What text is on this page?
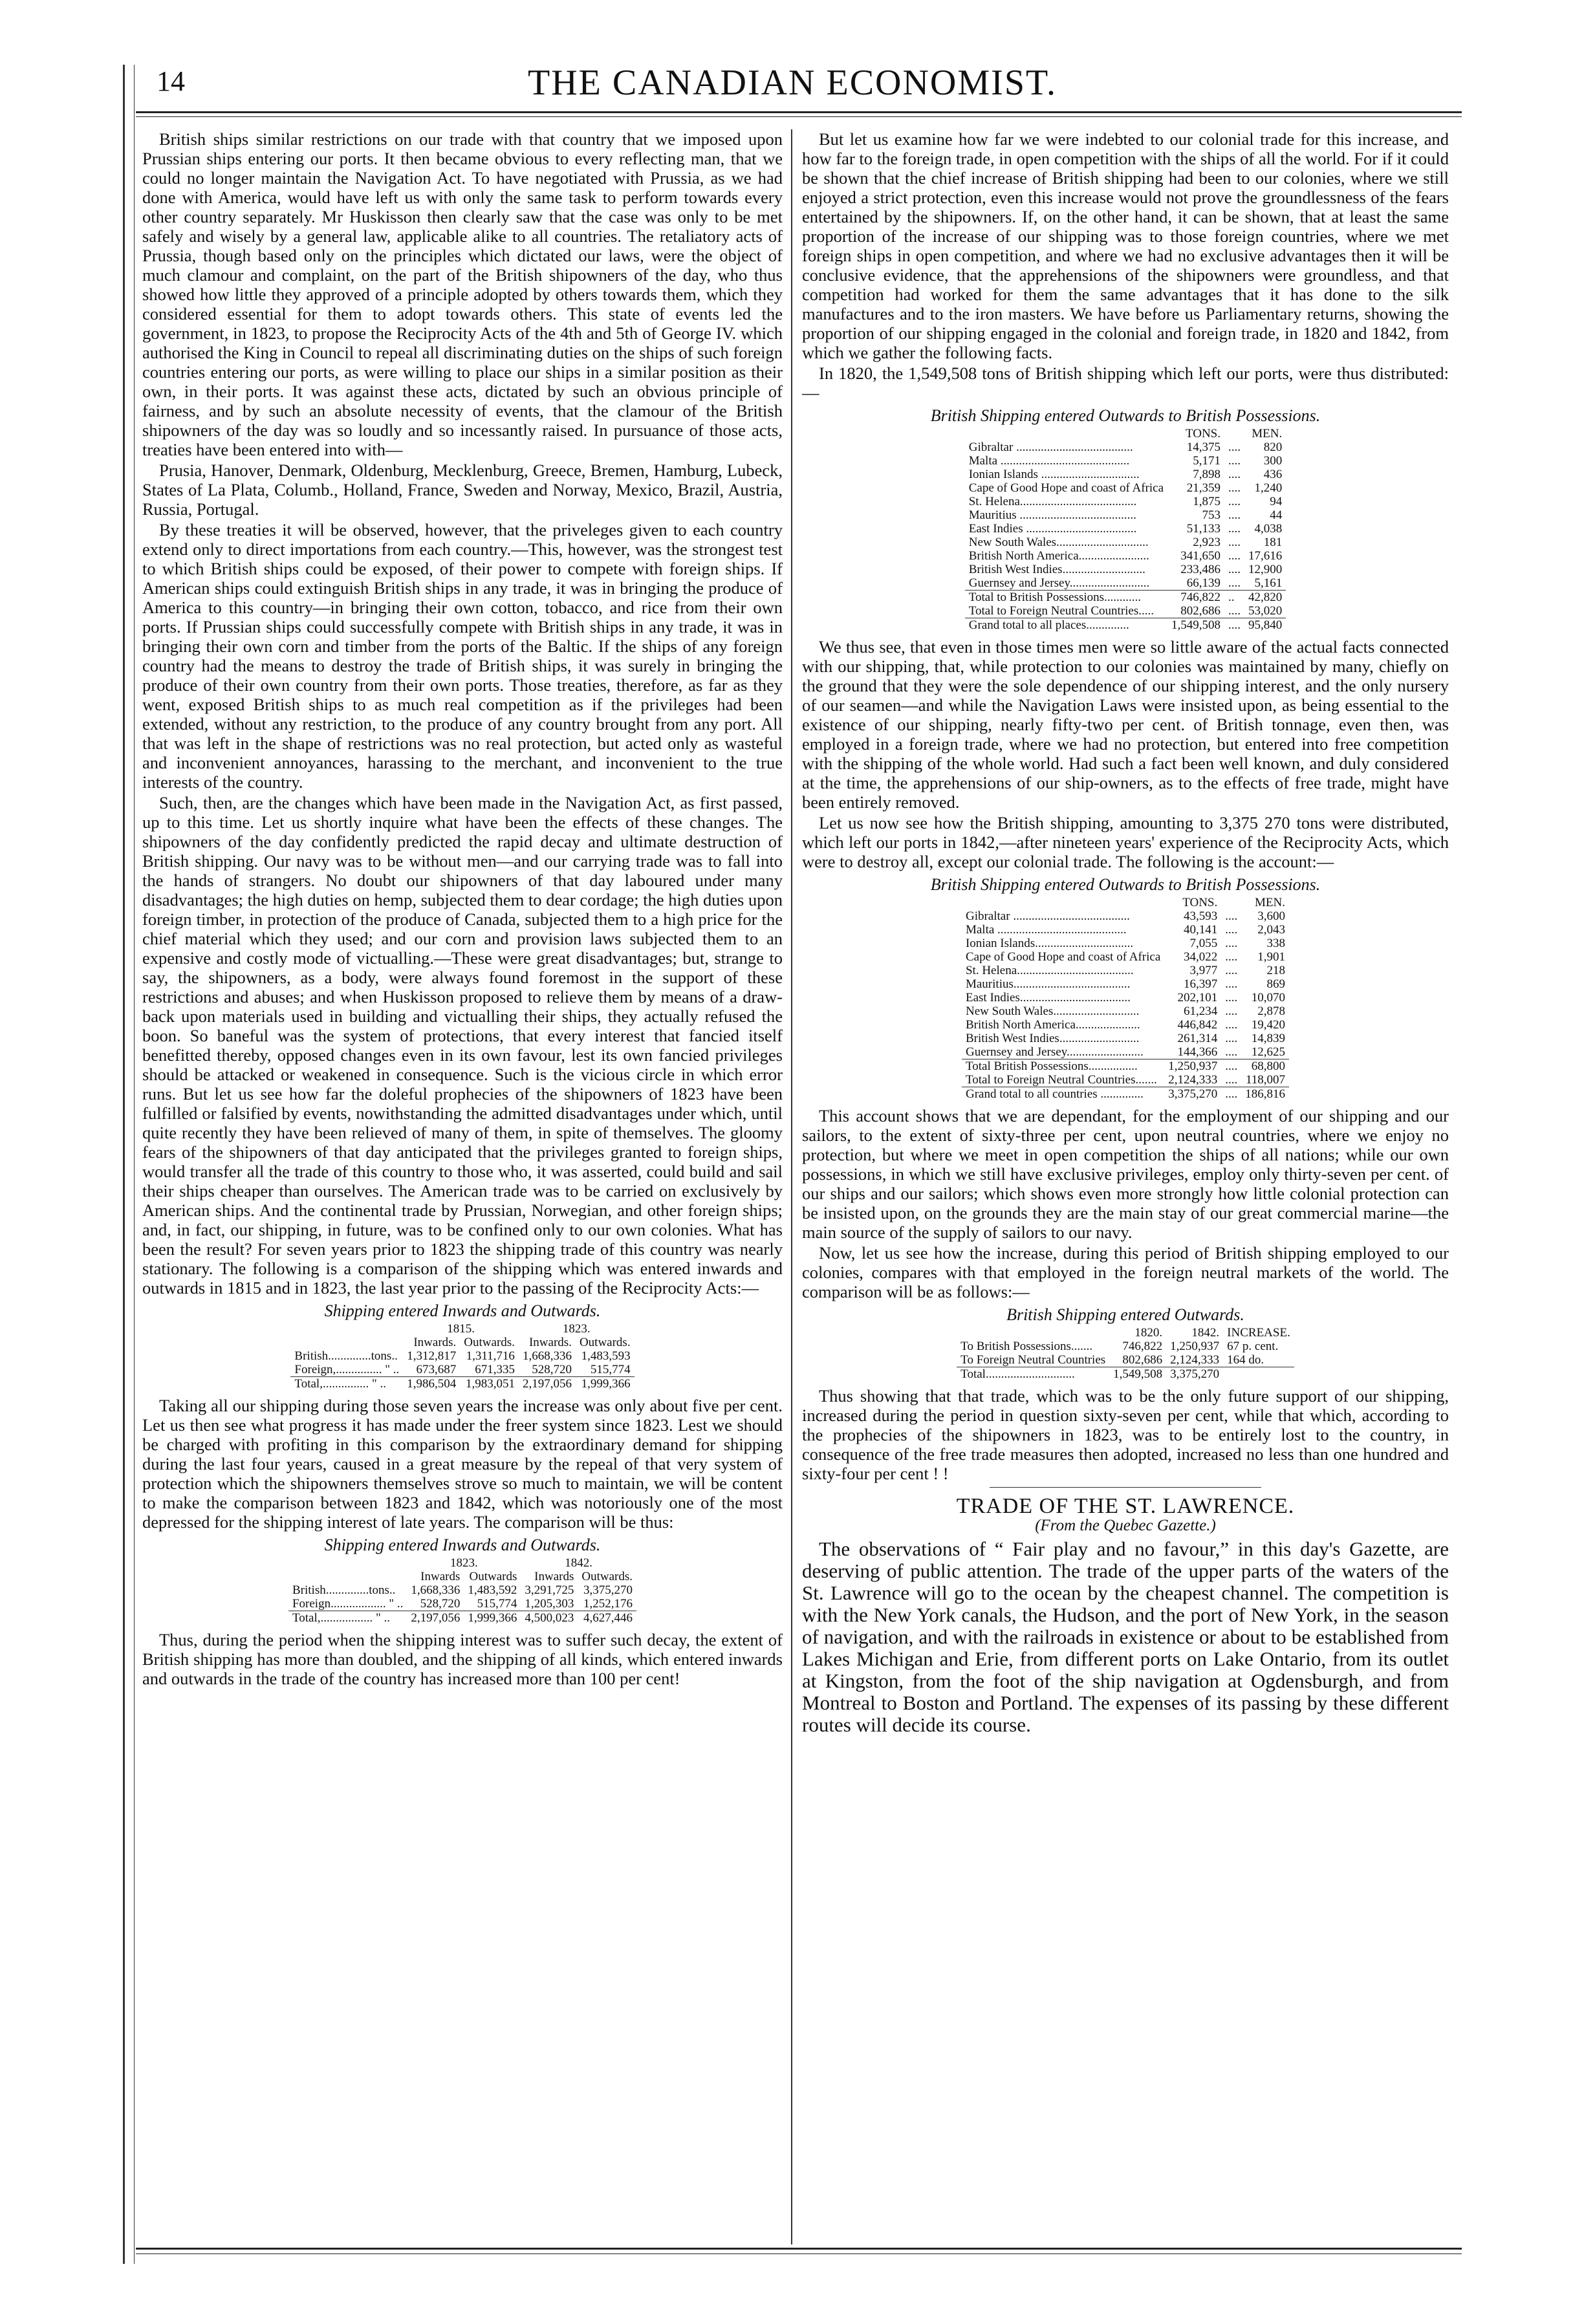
14	THE CANADIAN ECONOMIST.

British ships similar restrictions on our trade with that country that we imposed upon Prussian ships entering our ports. It then became obvious to every reflecting man, that we could no longer maintain the Navigation Act. To have negotiated with Prussia, as we had done with America, would have left us with only the same task to perform towards every other country separately. Mr Huskisson then clearly saw that the case was only to be met safely and wisely by a general law, applicable alike to all countries. The retaliatory acts of Prussia, though based only on the principles which dictated our laws, were the object of much clamour and complaint, on the part of the British shipowners of the day, who thus showed how little they approved of a principle adopted by others towards them, which they considered essential for them to adopt towards others. This state of events led the government, in 1823, to propose the Reciprocity Acts of the 4th and 5th of George IV. which authorised the King in Council to repeal all discriminating duties on the ships of such foreign countries entering our ports, as were willing to place our ships in a similar position as their own, in their ports. It was against these acts, dictated by such an obvious principle of fairness, and by such an absolute necessity of events, that the clamour of the British shipowners of the day was so loudly and so incessantly raised. In pursuance of those acts, treaties have been entered into with—

Prusia, Hanover, Denmark, Oldenburg, Mecklenburg, Greece, Bremen, Hamburg, Lubeck, States of La Plata, Columb., Holland, France, Sweden and Norway, Mexico, Brazil, Austria, Russia, Portugal.

By these treaties it will be observed, however, that the priveleges given to each country extend only to direct importations from each country.—This, however, was the strongest test to which British ships could be exposed, of their power to compete with foreign ships. If American ships could extinguish British ships in any trade, it was in bringing the produce of America to this country—in bringing their own cotton, tobacco, and rice from their own ports. If Prussian ships could successfully compete with British ships in any trade, it was in bringing their own corn and timber from the ports of the Baltic. If the ships of any foreign country had the means to destroy the trade of British ships, it was surely in bringing the produce of their own country from their own ports. Those treaties, therefore, as far as they went, exposed British ships to as much real competition as if the privileges had been extended, without any restriction, to the produce of any country brought from any port. All that was left in the shape of restrictions was no real protection, but acted only as wasteful and inconvenient annoyances, harassing to the merchant, and inconvenient to the true interests of the country.

Such, then, are the changes which have been made in the Navigation Act, as first passed, up to this time. Let us shortly inquire what have been the effects of these changes. The shipowners of the day confidently predicted the rapid decay and ultimate destruction of British shipping. Our navy was to be without men—and our carrying trade was to fall into the hands of strangers. No doubt our shipowners of that day laboured under many disadvantages; the high duties on hemp, subjected them to dear cordage; the high duties upon foreign timber, in protection of the produce of Canada, subjected them to a high price for the chief material which they used; and our corn and provision laws subjected them to an expensive and costly mode of victualling.—These were great disadvantages; but, strange to say, the shipowners, as a body, were always found foremost in the support of these restrictions and abuses; and when Huskisson proposed to relieve them by means of a draw-back upon materials used in building and victualling their ships, they actually refused the boon. So baneful was the system of protections, that every interest that fancied itself benefitted thereby, opposed changes even in its own favour, lest its own fancied privileges should be attacked or weakened in consequence. Such is the vicious circle in which error runs. But let us see how far the doleful prophecies of the shipowners of 1823 have been fulfilled or falsified by events, nowithstanding the admitted disadvantages under which, until quite recently they have been relieved of many of them, in spite of themselves. The gloomy fears of the shipowners of that day anticipated that the privileges granted to foreign ships, would transfer all the trade of this country to those who, it was asserted, could build and sail their ships cheaper than ourselves. The American trade was to be carried on exclusively by American ships. And the continental trade by Prussian, Norwegian, and other foreign ships; and, in fact, our shipping, in future, was to be confined only to our own colonies. What has been the result? For seven years prior to 1823 the shipping trade of this country was nearly stationary. The following is a comparison of the shipping which was entered inwards and outwards in 1815 and in 1823, the last year prior to the passing of the Reciprocity Acts:—

Shipping entered Inwards and Outwards.
	1815.		1823.	
	Inwards.	Outwards.	Inwards.	Outwards.
British..............tons..	1,312,817	1,311,716	1,668,336	1,483,593
Foreign,............... " ..	673,687	671,335	528,720	515,774
Total,............... " ..	1,986,504	1,983,051	2,197,056	1,999,366

Taking all our shipping during those seven years the increase was only about five per cent. Let us then see what progress it has made under the freer system since 1823. Lest we should be charged with profiting in this comparison by the extraordinary demand for shipping during the last four years, caused in a great measure by the repeal of that very system of protection which the shipowners themselves strove so much to maintain, we will be content to make the comparison between 1823 and 1842, which was notoriously one of the most depressed for the shipping interest of late years. The comparison will be thus:

Shipping entered Inwards and Outwards.
	1823.		1842.	
	Inwards	Outwards	Inwards	Outwards.
British..............tons..	1,668,336	1,483,592	3,291,725	3,375,270
Foreign.................. " ..	528,720	515,774	1,205,303	1,252,176
Total,................. " ..	2,197,056	1,999,366	4,500,023	4,627,446

Thus, during the period when the shipping interest was to suffer such decay, the extent of British shipping has more than doubled, and the shipping of all kinds, which entered inwards and outwards in the trade of the country has increased more than 100 per cent!

But let us examine how far we were indebted to our colonial trade for this increase, and how far to the foreign trade, in open competition with the ships of all the world. For if it could be shown that the chief increase of British shipping had been to our colonies, where we still enjoyed a strict protection, even this increase would not prove the groundlessness of the fears entertained by the shipowners. If, on the other hand, it can be shown, that at least the same proportion of the increase of our shipping was to those foreign countries, where we met foreign ships in open competition, and where we had no exclusive advantages then it will be conclusive evidence, that the apprehensions of the shipowners were groundless, and that competition had worked for them the same advantages that it has done to the silk manufactures and to the iron masters. We have before us Parliamentary returns, showing the proportion of our shipping engaged in the colonial and foreign trade, in 1820 and 1842, from which we gather the following facts.

In 1820, the 1,549,508 tons of British shipping which left our ports, were thus distributed:—

British Shipping entered Outwards to British Possessions.
	TONS.		MEN.
Gibraltar ......................................	14,375	....	820
Malta ..........................................	5,171	....	300
Ionian Islands ................................	7,898	....	436
Cape of Good Hope and coast of Africa	21,359	....	1,240
St. Helena......................................	1,875	....	94
Mauritius ......................................	753	....	44
East Indies ....................................	51,133	....	4,038
New South Wales..............................	2,923	....	181
British North America.......................	341,650	....	17,616
British West Indies...........................	233,486	....	12,900
Guernsey and Jersey..........................	66,139	....	5,161
Total to British Possessions............	746,822	..	42,820
Total to Foreign Neutral Countries.....	802,686	....	53,020
Grand total to all places..............	1,549,508	....	95,840

We thus see, that even in those times men were so little aware of the actual facts connected with our shipping, that, while protection to our colonies was maintained by many, chiefly on the ground that they were the sole dependence of our shipping interest, and the only nursery of our seamen—and while the Navigation Laws were insisted upon, as being essential to the existence of our shipping, nearly fifty-two per cent. of British tonnage, even then, was employed in a foreign trade, where we had no protection, but entered into free competition with the shipping of the whole world. Had such a fact been well known, and duly considered at the time, the apprehensions of our ship-owners, as to the effects of free trade, might have been entirely removed.

Let us now see how the British shipping, amounting to 3,375 270 tons were distributed, which left our ports in 1842,—after nineteen years' experience of the Reciprocity Acts, which were to destroy all, except our colonial trade. The following is the account:—

British Shipping entered Outwards to British Possessions.
	TONS.		MEN.
Gibraltar ......................................	43,593	....	3,600
Malta ..........................................	40,141	....	2,043
Ionian Islands................................	7,055	....	338
Cape of Good Hope and coast of Africa	34,022	....	1,901
St. Helena......................................	3,977	....	218
Mauritius......................................	16,397	....	869
East Indies....................................	202,101	....	10,070
New South Wales............................	61,234	....	2,878
British North America.....................	446,842	....	19,420
British West Indies..........................	261,314	....	14,839
Guernsey and Jersey.........................	144,366	....	12,625
Total British Possessions................	1,250,937	....	68,800
Total to Foreign Neutral Countries.......	2,124,333	....	118,007
Grand total to all countries ..............	3,375,270	....	186,816

This account shows that we are dependant, for the employment of our shipping and our sailors, to the extent of sixty-three per cent, upon neutral countries, where we enjoy no protection, but where we meet in open competition the ships of all nations; while our own possessions, in which we still have exclusive privileges, employ only thirty-seven per cent. of our ships and our sailors; which shows even more strongly how little colonial protection can be insisted upon, on the grounds they are the main stay of our great commercial marine—the main source of the supply of sailors to our navy.

Now, let us see how the increase, during this period of British shipping employed to our colonies, compares with that employed in the foreign neutral markets of the world. The comparison will be as follows:—

British Shipping entered Outwards.
	1820.	1842.	INCREASE.
To British Possessions.......	746,822	1,250,937	67 p. cent.
To Foreign Neutral Countries	802,686	2,124,333	164 do.
Total.............................	1,549,508	3,375,270	

Thus showing that that trade, which was to be the only future support of our shipping, increased during the period in question sixty-seven per cent, while that which, according to the prophecies of the shipowners in 1823, was to be entirely lost to the country, in consequence of the free trade measures then adopted, increased no less than one hundred and sixty-four per cent ! !

TRADE OF THE ST. LAWRENCE.
(From the Quebec Gazette.)

The observations of “ Fair play and no favour,” in this day's Gazette, are deserving of public attention. The trade of the upper parts of the waters of the St. Lawrence will go to the ocean by the cheapest channel. The competition is with the New York canals, the Hudson, and the port of New York, in the season of navigation, and with the railroads in existence or about to be established from Lakes Michigan and Erie, from different ports on Lake Ontario, from its outlet at Kingston, from the foot of the ship navigation at Ogdensburgh, and from Montreal to Boston and Portland. The expenses of its passing by these different routes will decide its course.
